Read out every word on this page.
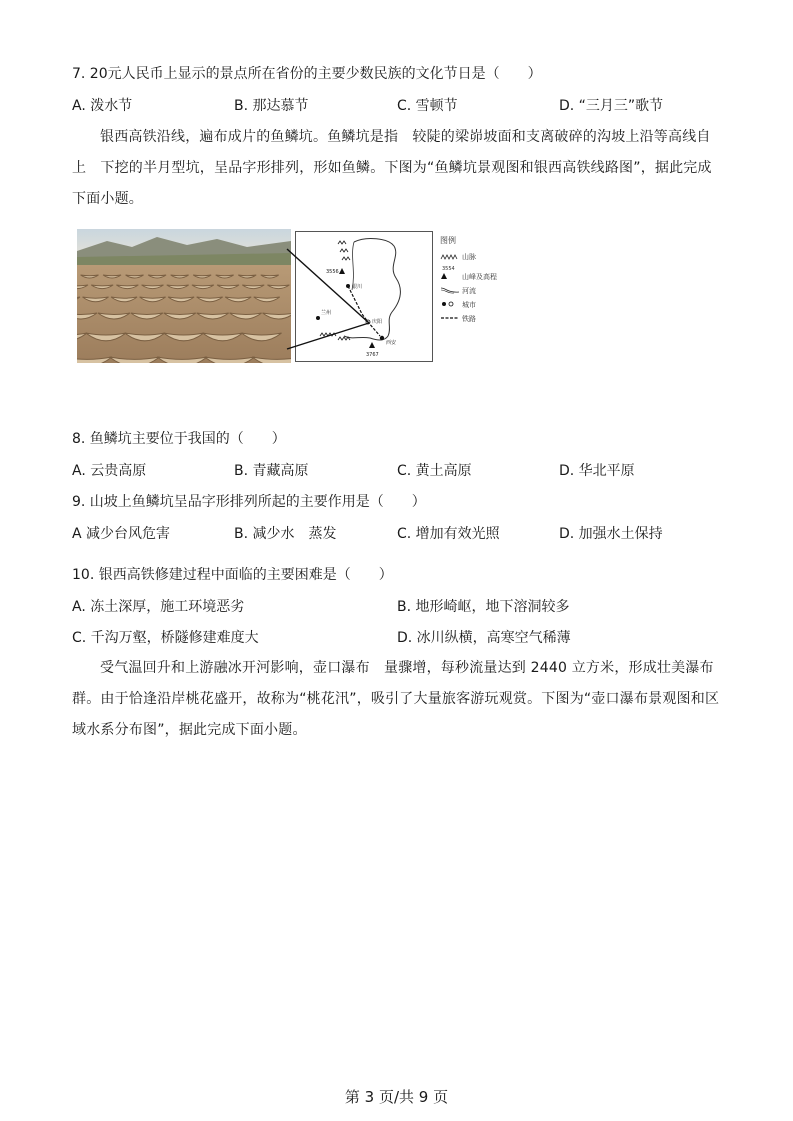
7. 20元人民币上显示的景点所在省份的主要少数民族的文化节日是（　　）
A. 泼水节	B. 那达慕节	C. 雪顿节	D. “三月三”歌节
银西高铁沿线，遍布成片的鱼鳞坑。鱼鳞坑是指　较陡的梁峁坡面和支离破碎的沟坡上沿等高线自上　下挖的半月型坑，呈品字形排列，形如鱼鳞。下图为“鱼鳞坑景观图和银西高铁线路图”，据此完成下面小题。
3556
银川
兰州
庆阳
西安
3767
图例
山脉
3554
山峰及高程
河流
城市
铁路
8. 鱼鳞坑主要位于我国的（　　）
A. 云贵高原	B. 青藏高原	C. 黄土高原	D. 华北平原
9. 山坡上鱼鳞坑呈品字形排列所起的主要作用是（　　）
A 减少台风危害	B. 减少水　蒸发	C. 增加有效光照	D. 加强水土保持
10. 银西高铁修建过程中面临的主要困难是（　　）
A. 冻土深厚，施工环境恶劣	B. 地形崎岖，地下溶洞较多
C. 千沟万壑，桥隧修建难度大	D. 冰川纵横，高寒空气稀薄
受气温回升和上游融冰开河影响，壶口瀑布　量骤增，每秒流量达到 2440 立方米，形成壮美瀑布群。由于恰逢沿岸桃花盛开，故称为“桃花汛”，吸引了大量旅客游玩观赏。下图为“壶口瀑布景观图和区域水系分布图”，据此完成下面小题。
第 3 页/共 9 页
